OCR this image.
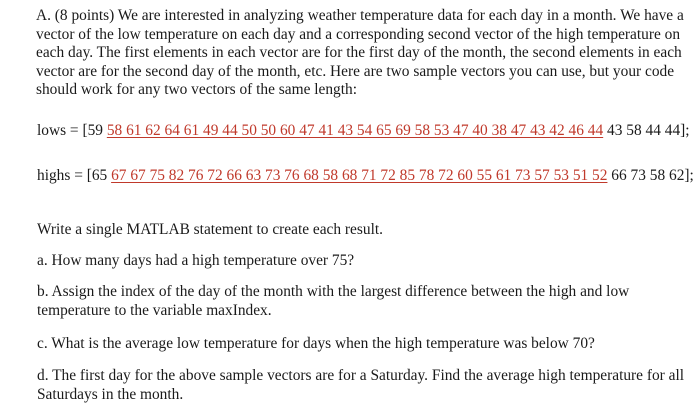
A. (8 points) We are interested in analyzing weather temperature data for each day in a month. We have a vector of the low temperature on each day and a corresponding second vector of the high temperature on each day. The first elements in each vector are for the first day of the month, the second elements in each vector are for the second day of the month, etc. Here are two sample vectors you can use, but your code should work for any two vectors of the same length:

lows = [59 58 61 62 64 61 49 44 50 50 60 47 41 43 54 65 69 58 53 47 40 38 47 43 42 46 44 43 58 44 44];

highs = [65 67 67 75 82 76 72 66 63 73 76 68 58 68 71 72 85 78 72 60 55 61 73 57 53 51 52 66 73 58 62];

Write a single MATLAB statement to create each result.

a. How many days had a high temperature over 75?

b. Assign the index of the day of the month with the largest difference between the high and low temperature to the variable maxIndex.

c. What is the average low temperature for days when the high temperature was below 70?

d. The first day for the above sample vectors are for a Saturday. Find the average high temperature for all Saturdays in the month.
